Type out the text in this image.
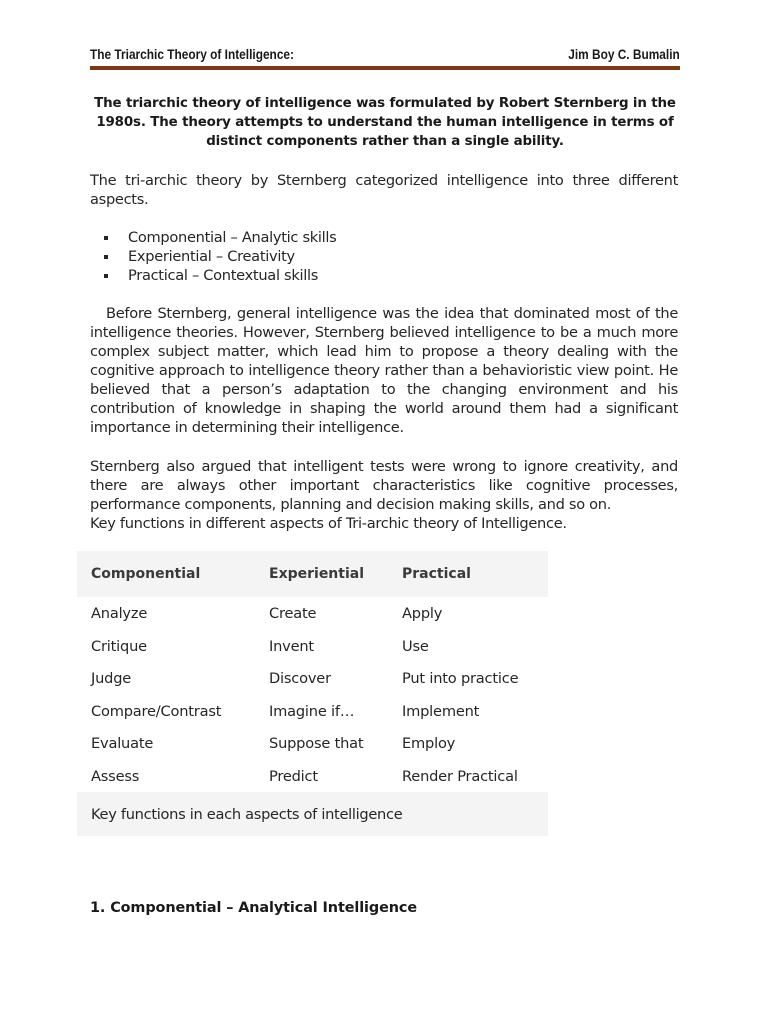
The Triarchic Theory of Intelligence:	Jim Boy C. Bumalin
The triarchic theory of intelligence was formulated by Robert Sternberg in the 1980s. The theory attempts to understand the human intelligence in terms of distinct components rather than a single ability.
The tri-archic theory by Sternberg categorized intelligence into three different aspects.
Componential – Analytic skills
Experiential – Creativity
Practical – Contextual skills
Before Sternberg, general intelligence was the idea that dominated most of the intelligence theories. However, Sternberg believed intelligence to be a much more complex subject matter, which lead him to propose a theory dealing with the cognitive approach to intelligence theory rather than a behavioristic view point. He believed that a person’s adaptation to the changing environment and his contribution of knowledge in shaping the world around them had a significant importance in determining their intelligence.
Sternberg also argued that intelligent tests were wrong to ignore creativity, and there are always other important characteristics like cognitive processes, performance components, planning and decision making skills, and so on.
Key functions in different aspects of Tri-archic theory of Intelligence.
Componential	Experiential	Practical
Analyze	Create	Apply
Critique	Invent	Use
Judge	Discover	Put into practice
Compare/Contrast	Imagine if…	Implement
Evaluate	Suppose that	Employ
Assess	Predict	Render Practical
Key functions in each aspects of intelligence
1. Componential – Analytical Intelligence
